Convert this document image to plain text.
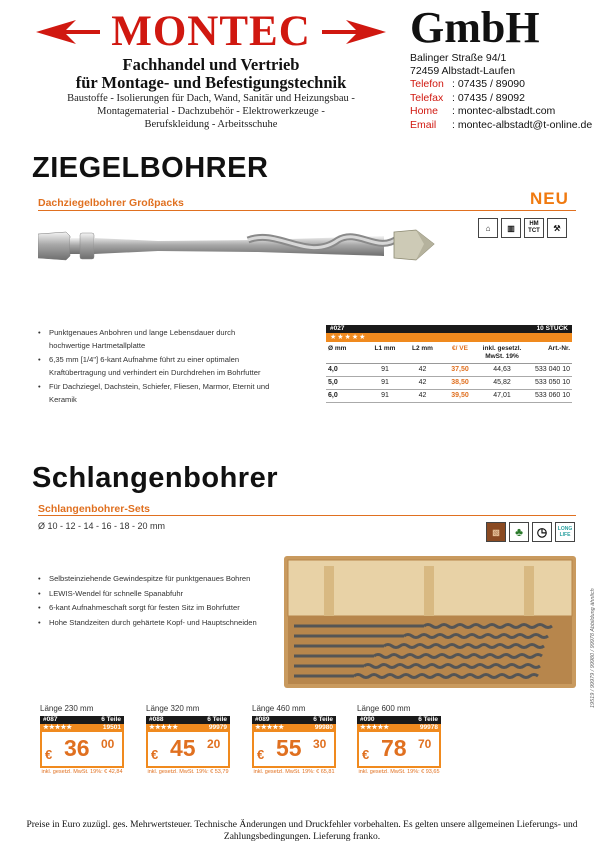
MONTEC
Fachhandel und Vertrieb
für Montage- und Befestigungstechnik
Baustoffe - Isolierungen für Dach, Wand, Sanitär und Heizungsbau -
Montagematerial - Dachzubehör - Elektrowerkzeuge -
Berufskleidung - Arbeitsschuhe
GmbH
Balinger Straße 94/1
72459 Albstadt-Laufen
Telefon : 07435 / 89090
Telefax : 07435 / 89092
Home : montec-albstadt.com
Email : montec-albstadt@t-online.de
ZIEGELBOHRER
NEU
Dachziegelbohrer Großpacks
⌂	▥	HM TCT	⚒
• Punktgenaues Anbohren und lange Lebensdauer durch hochwertige Hartmetallplatte
• 6,35 mm [1/4"] 6-kant Aufnahme führt zu einer optimalen Kraftübertragung und verhindert ein Durchdrehen im Bohrfutter
• Für Dachziegel, Dachstein, Schiefer, Fliesen, Marmor, Eternit und Keramik
#027	10 STÜCK
★★★★★
Ø mm	L1 mm	L2 mm	€/ VE	inkl. gesetzl. MwSt. 19%
Art.-Nr.
4,0	91	42	37,50	44,63	533 040 10
5,0	91	42	38,50	45,82	533 050 10
6,0	91	42	39,50	47,01	533 060 10
Schlangenbohrer
Schlangenbohrer-Sets
Ø 10 - 12 - 14 - 16 - 18 - 20 mm
▧	♣	◷	LONG LIFE
• Selbsteinziehende Gewindespitze für punktgenaues Bohren
• LEWIS-Wendel für schnelle Spanabfuhr
• 6-kant Aufnahmeschaft sorgt für festen Sitz im Bohrfutter
• Hohe Standzeiten durch gehärtete Kopf- und Hauptschneiden	19519 / 99979 / 99980 / 99978 Abbildung ähnlich
Länge 230 mm	Länge 320 mm	Länge 460 mm	Länge 600 mm
#087	6 Teile
★★★★★	19501
€ 36 00
inkl. gesetzl. MwSt. 19%: € 42,84
#088	6 Teile
★★★★★	99979
€ 45 20
inkl. gesetzl. MwSt. 19%: € 53,79
#089	6 Teile
★★★★★	99980
€ 55 30
inkl. gesetzl. MwSt. 19%: € 65,81
#090	6 Teile
★★★★★	99978
€ 78 70
inkl. gesetzl. MwSt. 19%: € 93,65
Preise in Euro zuzügl. ges. Mehrwertsteuer. Technische Änderungen und Druckfehler vorbehalten. Es gelten unsere allgemeinen Lieferungs- und
Zahlungsbedingungen. Lieferung franko.
